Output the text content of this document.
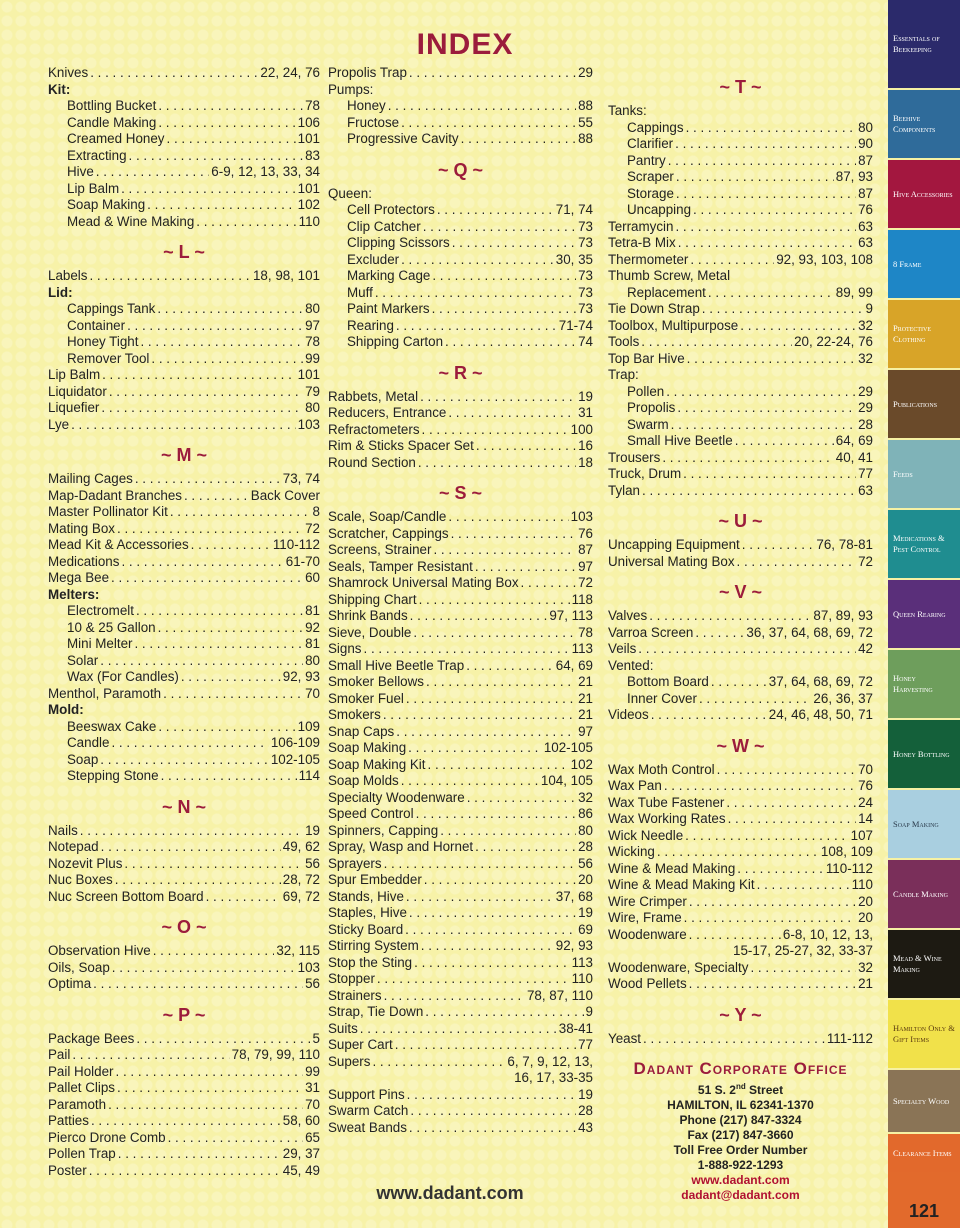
INDEX
Knives . . .	22, 24, 76
Kit:
Bottling Bucket . . .	78
Candle Making . . .	106
Creamed Honey . . .	101
Extracting . . .	83
Hive . . .	6-9, 12, 13, 33, 34
Lip Balm . . .	101
Soap Making . . .	102
Mead & Wine Making . . .	110
~ L ~
Labels . . .	18, 98, 101
Lid:
Cappings Tank . . .	80
Container . . .	97
Honey Tight . . .	78
Remover Tool . . .	99
Lip Balm . . .	101
Liquidator . . .	79
Liquefier . . .	80
Lye . . .	103
~ M ~
Mailing Cages . . .	73, 74
Map-Dadant Branches . . .	Back Cover
Master Pollinator Kit . . .	8
Mating Box . . .	72
Mead Kit & Accessories . . .	110-112
Medications . . .	61-70
Mega Bee . . .	60
Melters:
Electromelt . . .	81
10 & 25 Gallon . . .	92
Mini Melter . . .	81
Solar . . .	80
Wax (For Candles) . . .	92, 93
Menthol, Paramoth . . .	70
Mold:
Beeswax Cake . . .	109
Candle . . .	106-109
Soap . . .	102-105
Stepping Stone . . .	114
~ N ~
Nails . . .	19
Notepad . . .	49, 62
Nozevit Plus . . .	56
Nuc Boxes . . .	28, 72
Nuc Screen Bottom Board . . .	69, 72
~ O ~
Observation Hive . . .	32, 115
Oils, Soap . . .	103
Optima . . .	56
~ P ~
Package Bees . . .	5
Pail . . .	78, 79, 99, 110
Pail Holder . . .	99
Pallet Clips . . .	31
Paramoth . . .	70
Patties . . .	58, 60
Pierco Drone Comb . . .	65
Pollen Trap . . .	29, 37
Poster . . .	45, 49
Propolis Trap . . .	29
Pumps:
Honey . . .	88
Fructose . . .	55
Progressive Cavity . . .	88
~ Q ~
Queen:
Cell Protectors . . .	71, 74
Clip Catcher . . .	73
Clipping Scissors . . .	73
Excluder . . .	30, 35
Marking Cage . . .	73
Muff . . .	73
Paint Markers . . .	73
Rearing . . .	71-74
Shipping Carton . . .	74
~ R ~
Rabbets, Metal . . .	19
Reducers, Entrance . . .	31
Refractometers . . .	100
Rim & Sticks Spacer Set . . .	16
Round Section . . .	18
~ S ~
Scale, Soap/Candle . . .	103
Scratcher, Cappings . . .	76
Screens, Strainer . . .	87
Seals, Tamper Resistant . . .	97
Shamrock Universal Mating Box . . .	72
Shipping Chart . . .	118
Shrink Bands . . .	97, 113
Sieve, Double . . .	78
Signs . . .	113
Small Hive Beetle Trap . . .	64, 69
Smoker Bellows . . .	21
Smoker Fuel . . .	21
Smokers . . .	21
Snap Caps . . .	97
Soap Making . . .	102-105
Soap Making Kit . . .	102
Soap Molds . . .	104, 105
Specialty Woodenware . . .	32
Speed Control . . .	86
Spinners, Capping . . .	80
Spray, Wasp and Hornet . . .	28
Sprayers . . .	56
Spur Embedder . . .	20
Stands, Hive . . .	37, 68
Staples, Hive . . .	19
Sticky Board . . .	69
Stirring System . . .	92, 93
Stop the Sting . . .	113
Stopper . . .	110
Strainers . . .	78, 87, 110
Strap, Tie Down . . .	9
Suits . . .	38-41
Super Cart . . .	77
Supers . . .	6, 7, 9, 12, 13,
16, 17, 33-35
Support Pins . . .	19
Swarm Catch . . .	28
Sweat Bands . . .	43
~ T ~
Tanks:
Cappings . . .	80
Clarifier . . .	90
Pantry . . .	87
Scraper . . .	87, 93
Storage . . .	87
Uncapping . . .	76
Terramycin . . .	63
Tetra-B Mix . . .	63
Thermometer . . .	92, 93, 103, 108
Thumb Screw, Metal
Replacement . . .	89, 99
Tie Down Strap . . .	9
Toolbox, Multipurpose . . .	32
Tools . . .	20, 22-24, 76
Top Bar Hive . . .	32
Trap:
Pollen . . .	29
Propolis . . .	29
Swarm . . .	28
Small Hive Beetle . . .	64, 69
Trousers . . .	40, 41
Truck, Drum . . .	77
Tylan . . .	63
~ U ~
Uncapping Equipment . . .	76, 78-81
Universal Mating Box . . .	72
~ V ~
Valves . . .	87, 89, 93
Varroa Screen . . .	36, 37, 64, 68, 69, 72
Veils . . .	42
Vented:
Bottom Board . . .	37, 64, 68, 69, 72
Inner Cover . . .	26, 36, 37
Videos . . .	24, 46, 48, 50, 71
~ W ~
Wax Moth Control . . .	70
Wax Pan . . .	76
Wax Tube Fastener . . .	24
Wax Working Rates . . .	14
Wick Needle . . .	107
Wicking . . .	108, 109
Wine & Mead Making . . .	110-112
Wine & Mead Making Kit . . .	110
Wire Crimper . . .	20
Wire, Frame . . .	20
Woodenware . . .	6-8, 10, 12, 13,
15-17, 25-27, 32, 33-37
Woodenware, Specialty . . .	32
Wood Pellets . . .	21
~ Y ~
Yeast . . .	111-112
Dadant Corporate Office
51 S. 2nd Street
HAMILTON, IL 62341-1370
Phone (217) 847-3324
Fax (217) 847-3660
Toll Free Order Number
1-888-922-1293
www.dadant.com
dadant@dadant.com
www.dadant.com
Essentials of Beekeeping
Beehive Components
Hive Accessories
8 Frame
Protective Clothing
Publications
Feeds
Medications & Pest Control
Queen Rearing
Honey Harvesting
Honey Bottling
Soap Making
Candle Making
Mead & Wine Making
Hamilton Only & Gift Items
Specialty Wood
Clearance Items
121
